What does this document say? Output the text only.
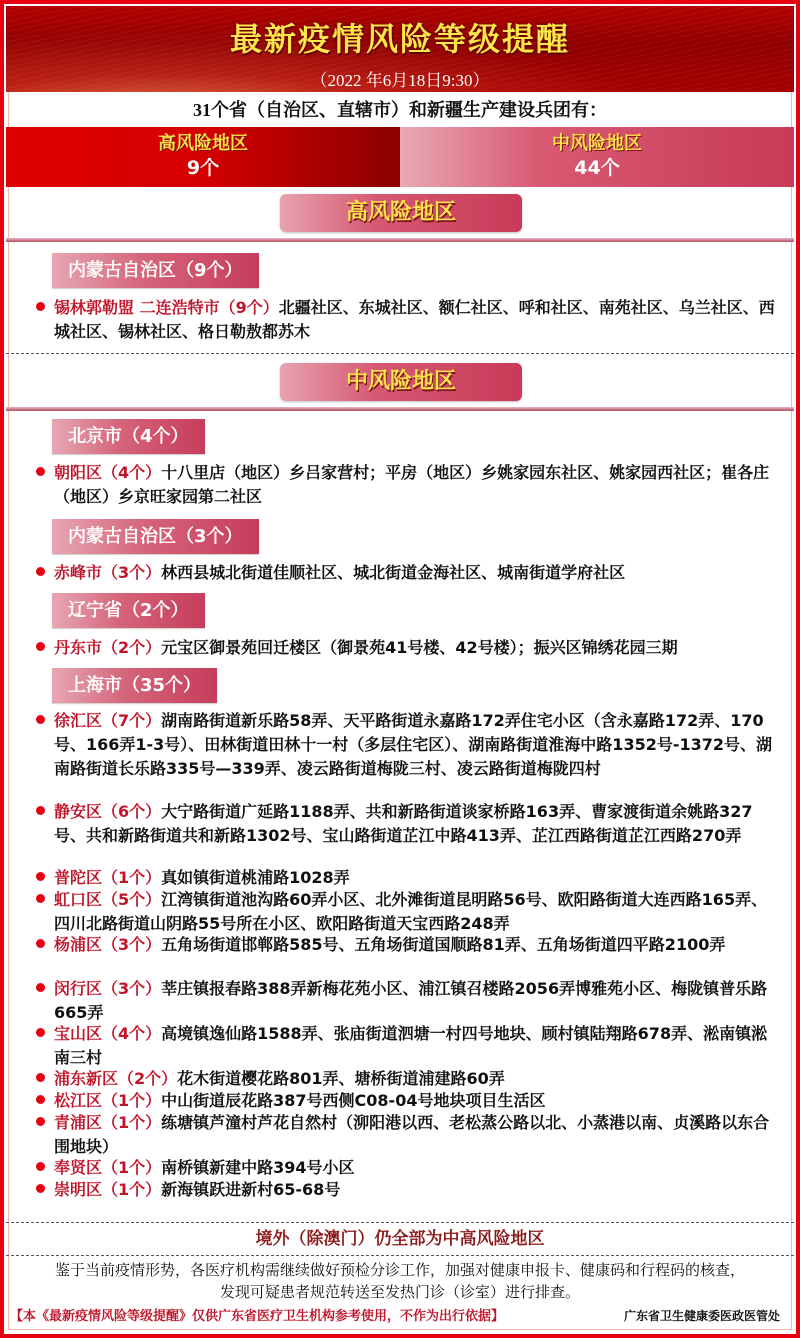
最新疫情风险等级提醒
（2022 年6月18日9:30）
31个省（自治区、直辖市）和新疆生产建设兵团有：
高风险地区
9个
中风险地区
44个
高风险地区
内蒙古自治区（9个）
锡林郭勒盟 二连浩特市（9个）北疆社区、东城社区、额仁社区、呼和社区、南苑社区、乌兰社区、西城社区、锡林社区、格日勒敖都苏木
中风险地区
北京市（4个）
朝阳区（4个）十八里店（地区）乡吕家营村；平房（地区）乡姚家园东社区、姚家园西社区；崔各庄（地区）乡京旺家园第二社区
内蒙古自治区（3个）
赤峰市（3个）林西县城北街道佳顺社区、城北街道金海社区、城南街道学府社区
辽宁省（2个）
丹东市（2个）元宝区御景苑回迁楼区（御景苑41号楼、42号楼）；振兴区锦绣花园三期
上海市（35个）
徐汇区（7个）湖南路街道新乐路58弄、天平路街道永嘉路172弄住宅小区（含永嘉路172弄、170号、166弄1-3号）、田林街道田林十一村（多层住宅区）、湖南路街道淮海中路1352号-1372号、湖南路街道长乐路335号—339弄、凌云路街道梅陇三村、凌云路街道梅陇四村
静安区（6个）大宁路街道广延路1188弄、共和新路街道谈家桥路163弄、曹家渡街道余姚路327号、共和新路街道共和新路1302号、宝山路街道芷江中路413弄、芷江西路街道芷江西路270弄
普陀区（1个）真如镇街道桃浦路1028弄
虹口区（5个）江湾镇街道池沟路60弄小区、北外滩街道昆明路56号、欧阳路街道大连西路165弄、四川北路街道山阴路55号所在小区、欧阳路街道天宝西路248弄
杨浦区（3个）五角场街道邯郸路585号、五角场街道国顺路81弄、五角场街道四平路2100弄
闵行区（3个）莘庄镇报春路388弄新梅花苑小区、浦江镇召楼路2056弄博雅苑小区、梅陇镇普乐路665弄
宝山区（4个）高境镇逸仙路1588弄、张庙街道泗塘一村四号地块、顾村镇陆翔路678弄、淞南镇淞南三村
浦东新区（2个）花木街道樱花路801弄、塘桥街道浦建路60弄
松江区（1个）中山街道辰花路387号西侧C08-04号地块项目生活区
青浦区（1个）练塘镇芦潼村芦花自然村（泖阳港以西、老松蒸公路以北、小蒸港以南、贞溪路以东合围地块）
奉贤区（1个）南桥镇新建中路394号小区
崇明区（1个）新海镇跃进新村65-68号
境外（除澳门）仍全部为中高风险地区
鉴于当前疫情形势，各医疗机构需继续做好预检分诊工作，加强对健康申报卡、健康码和行程码的核查，
发现可疑患者规范转送至发热门诊（诊室）进行排查。
【本《最新疫情风险等级提醒》仅供广东省医疗卫生机构参考使用，不作为出行依据】	广东省卫生健康委医政医管处
